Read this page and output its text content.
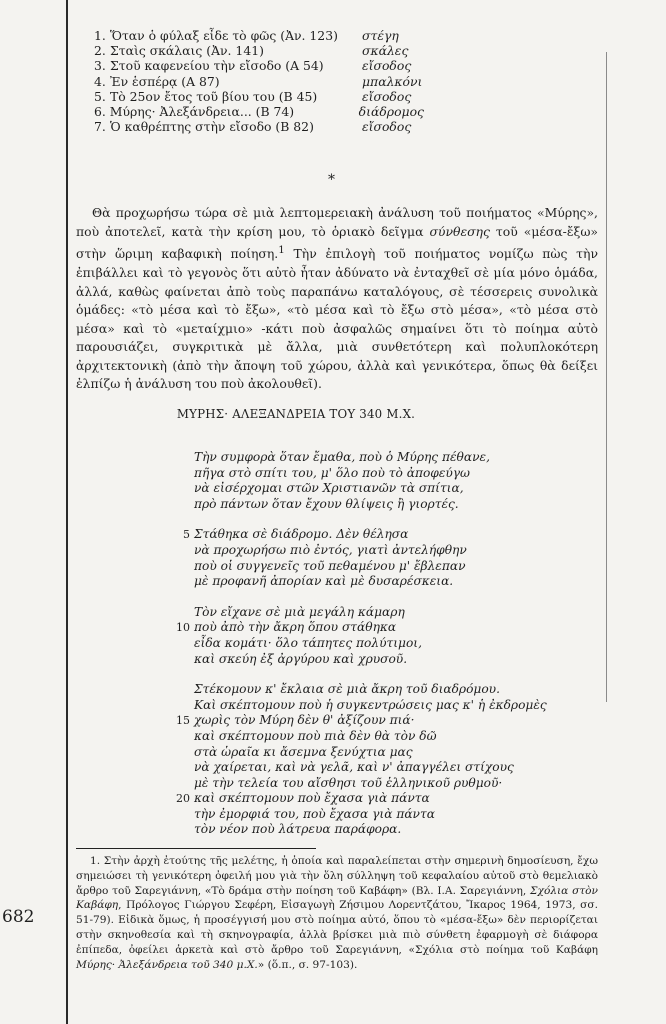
1. Ὅταν ὁ φύλαξ εἶδε τὸ φῶς (Ἀν. 123)	στέγη
2. Σταὶς σκάλαις (Ἀν. 141)	σκάλες
3. Στοῦ καφενείου τὴν εἴσοδο (Α 54)	εἴσοδος
4. Ἐν ἑσπέρᾳ (Α 87)	μπαλκόνι
5. Τὸ 25ον ἔτος τοῦ βίου του (Β 45)	εἴσοδος
6. Μύρης· Ἀλεξάνδρεια... (Β 74)	διάδρομος
7. Ὁ καθρέπτης στὴν εἴσοδο (Β 82)	εἴσοδος
*

Θὰ προχωρήσω τώρα σὲ μιὰ λεπτομερειακὴ ἀνάλυση τοῦ ποιήματος «Μύρης», ποὺ ἀποτελεῖ, κατὰ τὴν κρίση μου, τὸ ὁριακὸ δεῖγμα σύνθεσης τοῦ «μέσα-ἔξω» στὴν ὥριμη καβαφικὴ ποίηση.$^1$ Τὴν ἐπιλογὴ τοῦ ποιήματος νομίζω πὼς τὴν ἐπιβάλλει καὶ τὸ γεγονὸς ὅτι αὐτὸ ἦταν ἀδύνατο νὰ ἐνταχθεῖ σὲ μία μόνο ὁμάδα, ἀλλά, καθὼς φαίνεται ἀπὸ τοὺς παραπάνω καταλόγους, σὲ τέσσερεις συνολικὰ ὁμάδες: «τὸ μέσα καὶ τὸ ἔξω», «τὸ μέσα καὶ τὸ ἔξω στὸ μέσα», «τὸ μέσα στὸ μέσα» καὶ τὸ «μεταίχμιο» -κάτι ποὺ ἀσφαλῶς σημαίνει ὅτι τὸ ποίημα αὐτὸ παρουσιάζει, συγκριτικὰ μὲ ἄλλα, μιὰ συνθετότερη καὶ πολυπλοκότερη ἀρχιτεκτονικὴ (ἀπὸ τὴν ἄποψη τοῦ χώρου, ἀλλὰ καὶ γενικότερα, ὅπως θὰ δείξει ἐλπίζω ἡ ἀνάλυση του ποὺ ἀκολουθεῖ).

ΜΥΡΗΣ· ΑΛΕΞΑΝΔΡΕΙΑ ΤΟΥ 340 Μ.Χ.
Τὴν συμφορὰ ὅταν ἔμαθα, ποὺ ὁ Μύρης πέθανε,
πῆγα στὸ σπίτι του, μ' ὅλο ποὺ τὸ ἀποφεύγω
νὰ εἰσέρχομαι στῶν Χριστιανῶν τὰ σπίτια,
πρὸ πάντων ὅταν ἔχουν θλίψεις ἢ γιορτές.
5 Στάθηκα σὲ διάδρομο. Δὲν θέλησα
νὰ προχωρήσω πιὸ ἐντός, γιατὶ ἀντελήφθην
ποὺ οἱ συγγενεῖς τοῦ πεθαμένου μ' ἔβλεπαν
μὲ προφανῆ ἀπορίαν καὶ μὲ δυσαρέσκεια.
Τὸν εἴχανε σὲ μιὰ μεγάλη κάμαρη
10 ποὺ ἀπὸ τὴν ἄκρη ὅπου στάθηκα
εἶδα κομάτι· ὅλο τάπητες πολύτιμοι,
καὶ σκεύη ἐξ ἀργύρου καὶ χρυσοῦ.
Στέκομουν κ' ἔκλαια σὲ μιὰ ἄκρη τοῦ διαδρόμου.
Καὶ σκέπτομουν ποὺ ἡ συγκεντρώσεις μας κ' ἡ ἐκδρομὲς
15 χωρὶς τὸν Μύρη δὲν θ' ἀξίζουν πιά·
καὶ σκέπτομουν ποὺ πιὰ δὲν θὰ τὸν δῶ
στὰ ὡραῖα κι ἄσεμνα ξενύχτια μας
νὰ χαίρεται, καὶ νὰ γελᾶ, καὶ ν' ἀπαγγέλει στίχους
μὲ τὴν τελεία του αἴσθησι τοῦ ἑλληνικοῦ ρυθμοῦ·
20 καὶ σκέπτομουν ποὺ ἔχασα γιὰ πάντα
τὴν ἐμορφιά του, ποὺ ἔχασα γιὰ πάντα
τὸν νέον ποὺ λάτρευα παράφορα.

1. Στὴν ἀρχὴ ἐτούτης τῆς μελέτης, ἡ ὁποία καὶ παραλείπεται στὴν σημερινὴ δημοσίευση, ἔχω σημειώσει τὴ γενικότερη ὀφειλή μου γιὰ τὴν ὅλη σύλληψη τοῦ κεφαλαίου αὐτοῦ στὸ θεμελιακὸ ἄρθρο τοῦ Σαρεγιάννη, «Τὸ δράμα στὴν ποίηση τοῦ Καβάφη» (Βλ. Ι.Α. Σαρεγιάννη, Σχόλια στὸν Καβάφη, Πρόλογος Γιώργου Σεφέρη, Εἰσαγωγὴ Ζήσιμου Λορεντζάτου, Ἴκαρος 1964, 1973, σσ. 51-79). Εἰδικὰ ὅμως, ἡ προσέγγισή μου στὸ ποίημα αὐτό, ὅπου τὸ «μέσα-ἔξω» δὲν περιορίζεται στὴν σκηνοθεσία καὶ τὴ σκηνογραφία, ἀλλὰ βρίσκει μιὰ πιὸ σύνθετη ἐφαρμογὴ σὲ διάφορα ἐπίπεδα, ὀφείλει ἀρκετὰ καὶ στὸ ἄρθρο τοῦ Σαρεγιάννη, «Σχόλια στὸ ποίημα τοῦ Καβάφη Μύρης· Ἀλεξάνδρεια τοῦ 340 μ.Χ.» (ὅ.π., σ. 97-103).

682
